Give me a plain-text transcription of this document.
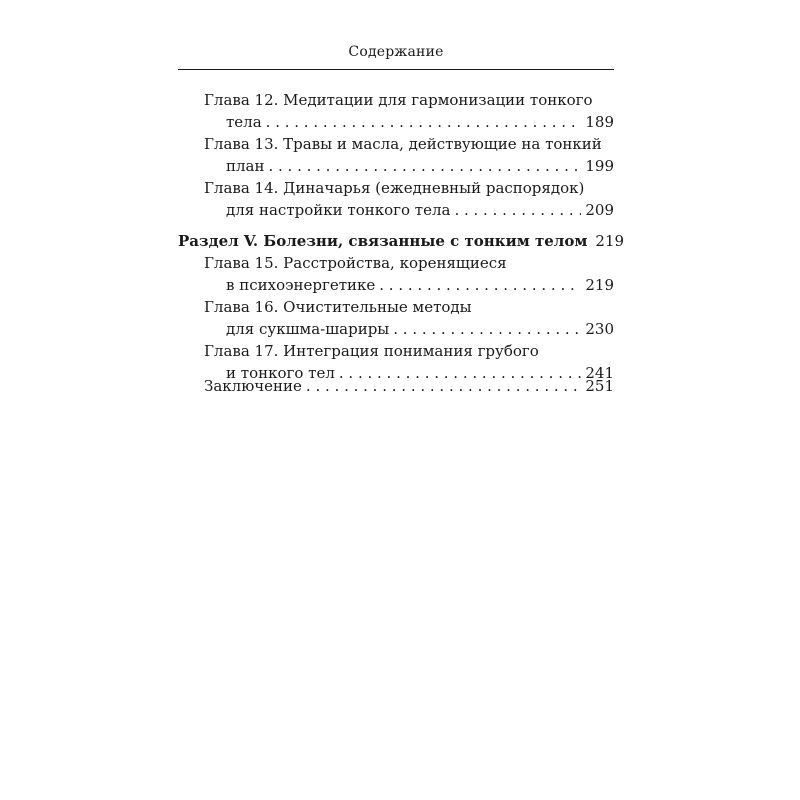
Содержание
Глава 12. Медитации для гармонизации тонкого
тела . . .	189
Глава 13. Травы и масла, действующие на тонкий
план . . .	199
Глава 14. Диначарья (ежедневный распорядок)
для настройки тонкого тела . . .	209
Раздел V. Болезни, связанные с тонким телом 219
Глава 15. Расстройства, коренящиеся
в психоэнергетике . . .	219
Глава 16. Очистительные методы
для сукшма-шариры . . .	230
Глава 17. Интеграция понимания грубого
и тонкого тел . . .	241
Заключение . . .	251
